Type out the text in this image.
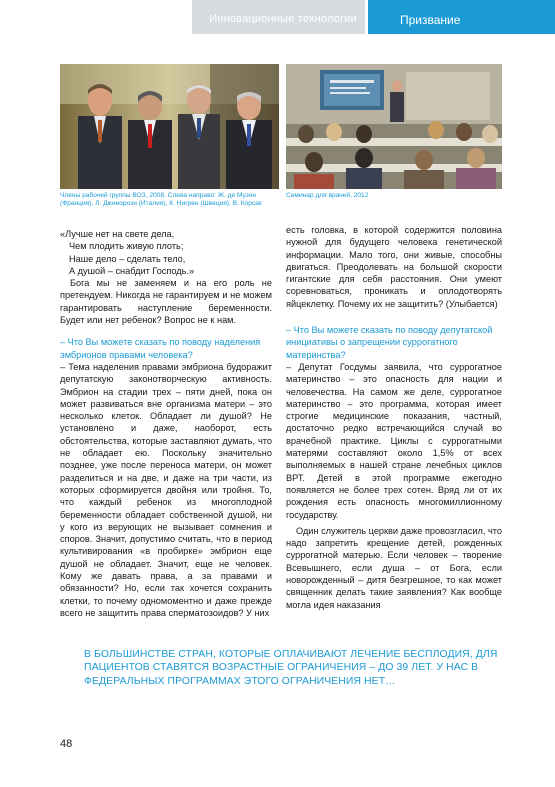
Инновационные технологии	Призвание
Члены рабочей группы ВОЗ, 2008. Слева направо: Ж. де Музон (Франция), Л. Джинорози (Италия), К. Нигрен (Швеция), В. Корсак
Семинар для врачей, 2012

«Лучше нет на свете дела,

Чем плодить живую плоть;

Наше дело – сделать тело,

А душой – снабдит Господь.»

Бога мы не заменяем и на его роль не претендуем. Никогда не гарантируем и не можем гарантировать наступление беременности. Будет или нет ребенок? Вопрос не к нам.

– Что Вы можете сказать по поводу наделения эмбрионов правами человека?

– Тема наделения правами эмбриона будоражит депутатскую законотворческую активность. Эмбрион на стадии трех – пяти дней, пока он может развиваться вне организма матери – это несколько клеток. Обладает ли душой? Не установлено и даже, наоборот, есть обстоятельства, которые заставляют думать, что не обладает ею. Поскольку значительно позднее, уже после переноса матери, он может разделиться и на две, и даже на три части, из которых сформируется двойня или тройня. То, что каждый ребенок из многоплодной беременности обладает собственной душой, ни у кого из верующих не вызывает сомнения и споров. Значит, допустимо считать, что в период культивирования «в пробирке» эмбрион еще душой не обладает. Значит, еще не человек. Кому же давать права, а за правами и обязанности? Но, если так хочется сохранить клетки, то почему одномоментно и даже прежде всего не защитить права сперматозоидов? У них

есть головка, в которой содержится половина нужной для будущего человека генетической информации. Мало того, они живые, способны двигаться. Преодолевать на большой скорости гигантские для себя расстояния. Они умеют соревноваться, проникать и оплодотворять яйцеклетку. Почему их не защитить? (Улыбается)

– Что Вы можете сказать по поводу депутатской инициативы о запрещении суррогатного материнства?

– Депутат Госдумы заявила, что суррогатное материнство – это опасность для нации и человечества. На самом же деле, суррогатное материнство – это программа, которая имеет строгие медицинские показания, частный, достаточно редко встречающийся случай во врачебной практике. Циклы с суррогатными матерями составляют около 1,5% от всех выполняемых в нашей стране лечебных циклов ВРТ. Детей в этой программе ежегодно появляется не более трех сотен. Вряд ли от их рождения есть опасность многомиллионному государству.

Один служитель церкви даже провозгласил, что надо запретить крещение детей, рожденных суррогатной матерью. Если человек – творение Всевышнего, если душа – от Бога, если новорожденный – дитя безгрешное, то как может священник делать такие заявления? Как вообще могла идея наказания

В БОЛЬШИНСТВЕ СТРАН, КОТОРЫЕ ОПЛАЧИВАЮТ ЛЕЧЕНИЕ БЕСПЛОДИЯ, ДЛЯ ПАЦИЕНТОВ СТАВЯТСЯ ВОЗРАСТНЫЕ ОГРАНИЧЕНИЯ – ДО 39 ЛЕТ. У НАС В ФЕДЕРАЛЬНЫХ ПРОГРАММАХ ЭТОГО ОГРАНИЧЕНИЯ НЕТ…
48
